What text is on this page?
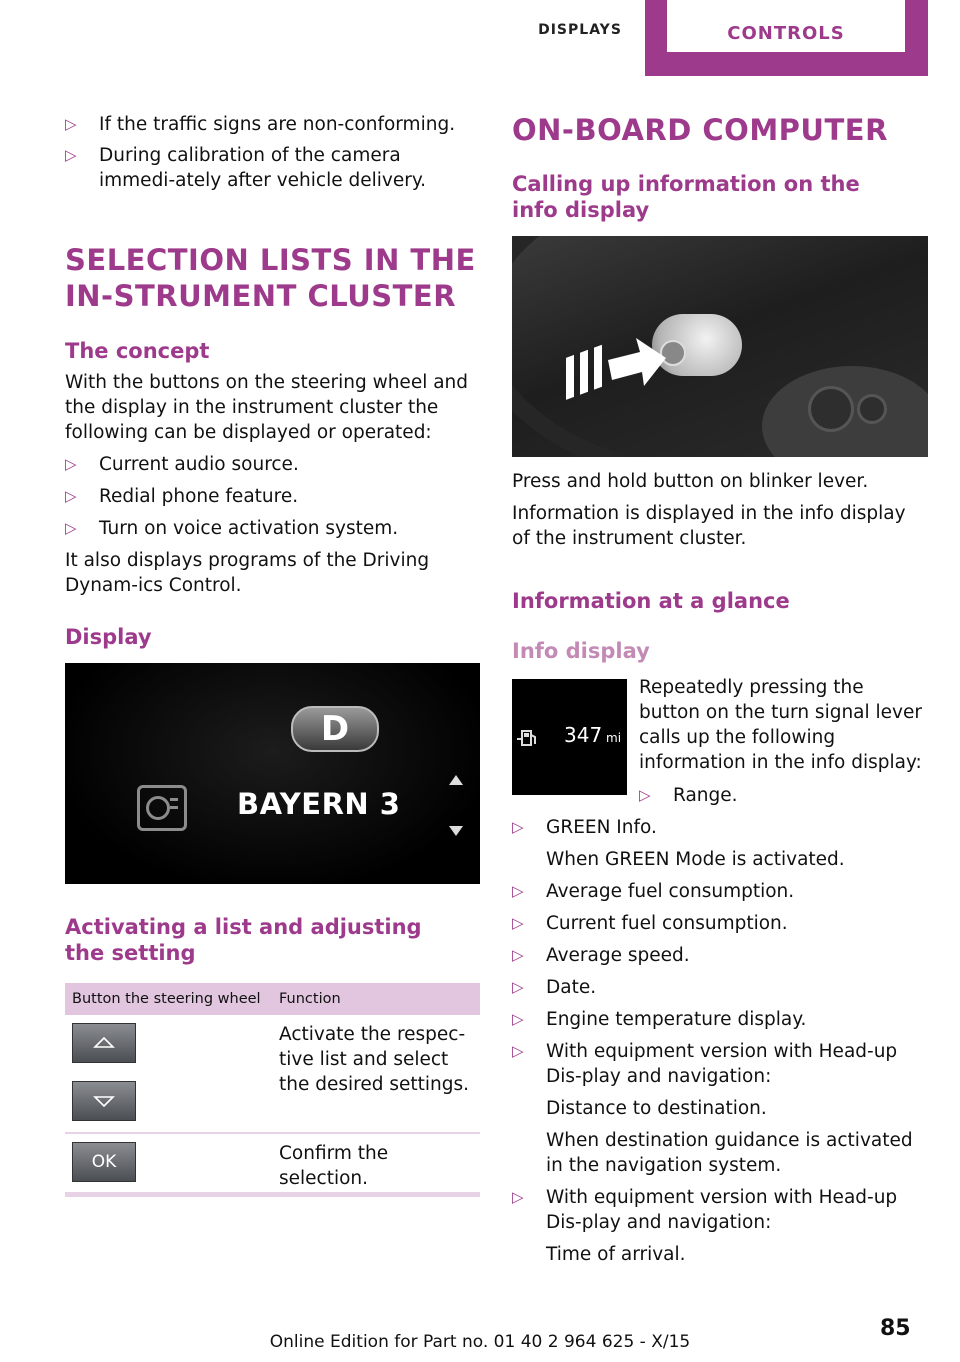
DISPLAYS	CONTROLS
▷ If the traffic signs are non-conforming.
▷ During calibration of the camera immedi-ately after vehicle delivery.
SELECTION LISTS IN THE IN-STRUMENT CLUSTER
The concept
With the buttons on the steering wheel and the display in the instrument cluster the following can be displayed or operated:
▷ Current audio source.
▷ Redial phone feature.
▷ Turn on voice activation system.
It also displays programs of the Driving Dynam-ics Control.
Display
D
BAYERN 3
Activating a list and adjusting the setting
Button the steering wheel Function
Activate the respec-tive list and select the desired settings.
OK	Confirm the selection.
ON-BOARD COMPUTER
Calling up information on the info display
Press and hold button on blinker lever.
Information is displayed in the info display of the instrument cluster.
Information at a glance
Info display
347 mi
Repeatedly pressing the button on the turn signal lever calls up the following information in the info display:
▷ Range.
▷ GREEN Info.
When GREEN Mode is activated.
▷ Average fuel consumption.
▷ Current fuel consumption.
▷ Average speed.
▷ Date.
▷ Engine temperature display.
▷ With equipment version with Head-up Dis-play and navigation:
Distance to destination.
When destination guidance is activated in the navigation system.
▷ With equipment version with Head-up Dis-play and navigation:
Time of arrival.
Online Edition for Part no. 01 40 2 964 625 - X/15
85
